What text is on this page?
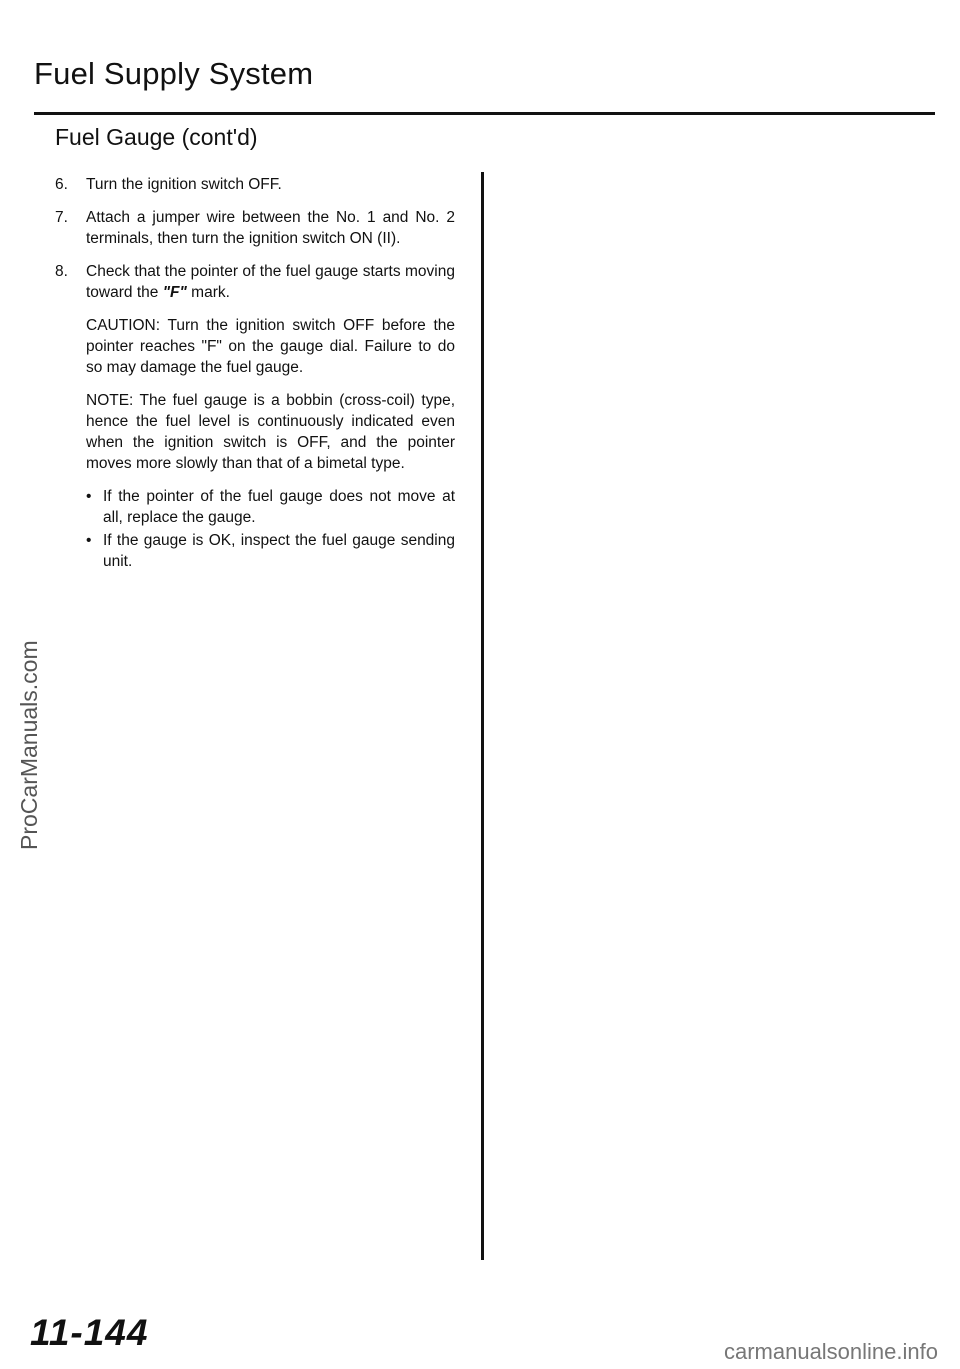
Fuel Supply System
Fuel Gauge (cont'd)
6. Turn the ignition switch OFF.
7. Attach a jumper wire between the No. 1 and No. 2 terminals, then turn the ignition switch ON (II).
8. Check that the pointer of the fuel gauge starts moving toward the "F" mark.

CAUTION: Turn the ignition switch OFF before the pointer reaches "F" on the gauge dial. Failure to do so may damage the fuel gauge.

NOTE: The fuel gauge is a bobbin (cross-coil) type, hence the fuel level is continuously indicated even when the ignition switch is OFF, and the pointer moves more slowly than that of a bimetal type.

• If the pointer of the fuel gauge does not move at all, replace the gauge.
• If the gauge is OK, inspect the fuel gauge sending unit.
ProCarManuals.com
11-144	carmanualsonline.info
